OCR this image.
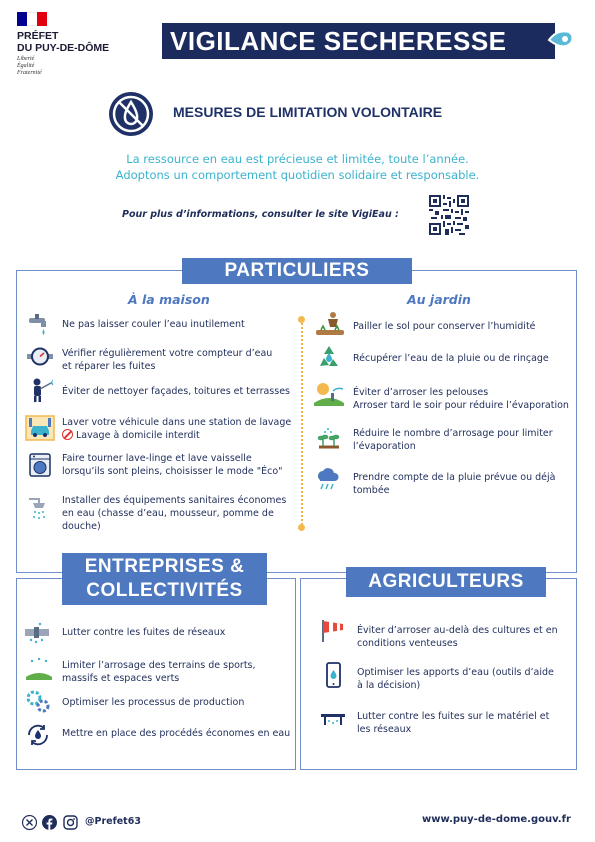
PRÉFET
DU PUY-DE-DÔME
Liberté
Égalité
Fraternité
VIGILANCE SECHERESSE
MESURES DE LIMITATION VOLONTAIRE
La ressource en eau est précieuse et limitée, toute l’année.
Adoptons un comportement quotidien solidaire et responsable.
Pour plus d’informations, consulter le site VigiEau :
PARTICULIERS
À la maison	Au jardin
Ne pas laisser couler l’eau inutilement
Vérifier régulièrement votre compteur d’eau
et réparer les fuites
Éviter de nettoyer façades, toitures et terrasses
Laver votre véhicule dans une station de lavage
Lavage à domicile interdit
Faire tourner lave-linge et lave vaisselle
lorsqu’ils sont pleins, choisisser le mode "Éco"
Installer des équipements sanitaires économes
en eau (chasse d’eau, mousseur, pomme de
douche)
Pailler le sol pour conserver l’humidité
Récupérer l’eau de la pluie ou de rinçage
Éviter d’arroser les pelouses
Arroser tard le soir pour réduire l’évaporation
Réduire le nombre d’arrosage pour limiter
l’évaporation
Prendre compte de la pluie prévue ou déjà
tombée
ENTREPRISES &
COLLECTIVITÉS
Lutter contre les fuites de réseaux
Limiter l’arrosage des terrains de sports,
massifs et espaces verts
Optimiser les processus de production
Mettre en place des procédés économes en eau
AGRICULTEURS
Éviter d’arroser au-delà des cultures et en
conditions venteuses
Optimiser les apports d’eau (outils d’aide
à la décision)
Lutter contre les fuites sur le matériel et
les réseaux
@Prefet63	www.puy-de-dome.gouv.fr
